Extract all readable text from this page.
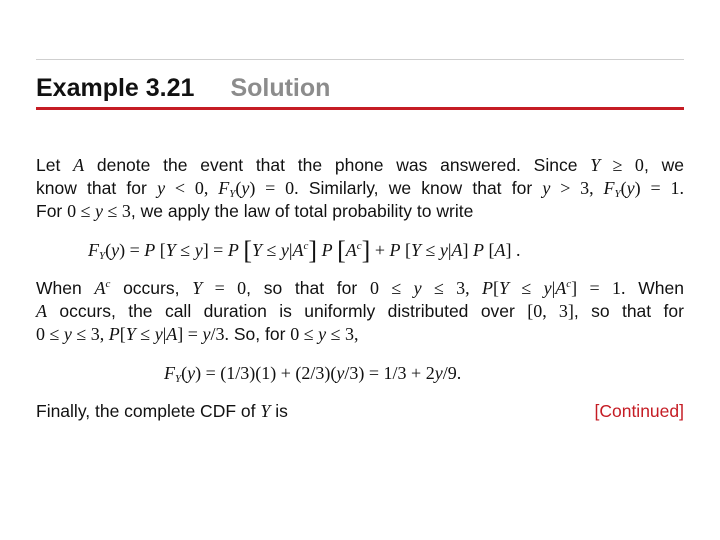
Example 3.21 Solution
Let A denote the event that the phone was answered. Since Y ≥ 0, we
know that for y < 0, $F_Y(y) = 0$. Similarly, we know that for y > 3, $F_Y(y) = 1$.
For 0 ≤ y ≤ 3, we apply the law of total probability to write
$F_Y(y) = P$ [Y ≤ y] = P $[Y \le y|A^c]$ P $[A^c] + P$ [Y ≤ y|A] P [A] .
When $A^c$ occurs, Y = 0, so that for 0 ≤ y ≤ 3, $P[Y \le y|A^c] = 1$. When
A occurs, the call duration is uniformly distributed over [0, 3], so that for
0 ≤ y ≤ 3, P[Y ≤ y|A] = y/3. So, for 0 ≤ y ≤ 3,
$F_Y(y) = (1/3)(1) + (2/3)(y/3) = 1/3 + 2y/9$.
Finally, the complete CDF of Y is	[Continued]
